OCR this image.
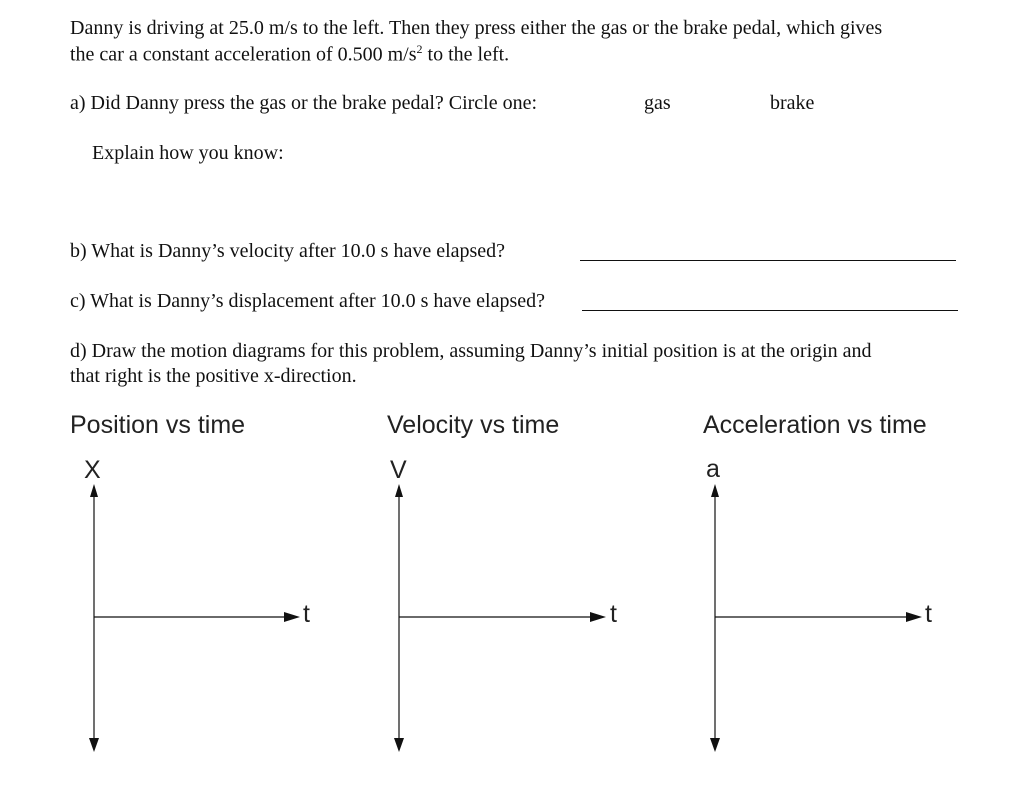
Danny is driving at 25.0 m/s to the left. Then they press either the gas or the brake pedal, which gives
the car a constant acceleration of 0.500 $m/s^2$ to the left.
a) Did Danny press the gas or the brake pedal? Circle one:	gas	brake
Explain how you know:
b) What is Danny’s velocity after 10.0 s have elapsed?
c) What is Danny’s displacement after 10.0 s have elapsed?
d) Draw the motion diagrams for this problem, assuming Danny’s initial position is at the origin and
that right is the positive x-direction.
Position vs time	Velocity vs time	Acceleration vs time
X	V	a
t	t	t
